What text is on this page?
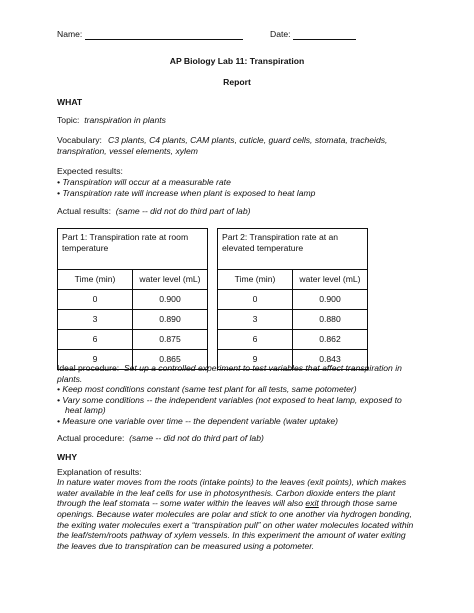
Name:	Date:
AP Biology Lab 11: Transpiration
Report
WHAT
Topic: transpiration in plants
Vocabulary: C3 plants, C4 plants, CAM plants, cuticle, guard cells, stomata, tracheids,
transpiration, vessel elements, xylem
Expected results:
• Transpiration will occur at a measurable rate
• Transpiration rate will increase when plant is exposed to heat lamp
Actual results: (same -- did not do third part of lab)
Part 1: Transpiration rate at room temperature	
Time (min)	water level (mL)
0	0.900
3	0.890
6	0.875
9	0.865
Part 2: Transpiration rate at an elevated temperature	
Time (min)	water level (mL)
0	0.900
3	0.880
6	0.862
9	0.843
Ideal procedure: Set up a controlled experiment to test variables that affect transpiration in plants.
• Keep most conditions constant (same test plant for all tests, same potometer)
• Vary some conditions -- the independent variables (not exposed to heat lamp, exposed to heat lamp)
• Measure one variable over time -- the dependent variable (water uptake)
Actual procedure: (same -- did not do third part of lab)
WHY
Explanation of results:
In nature water moves from the roots (intake points) to the leaves (exit points), which makes water available in the leaf cells for use in photosynthesis. Carbon dioxide enters the plant through the leaf stomata -- some water within the leaves will also exit through those same openings. Because water molecules are polar and stick to one another via hydrogen bonding, the exiting water molecules exert a “transpiration pull” on other water molecules located within the leaf/stem/roots pathway of xylem vessels. In this experiment the amount of water exiting the leaves due to transpiration can be measured using a potometer.
